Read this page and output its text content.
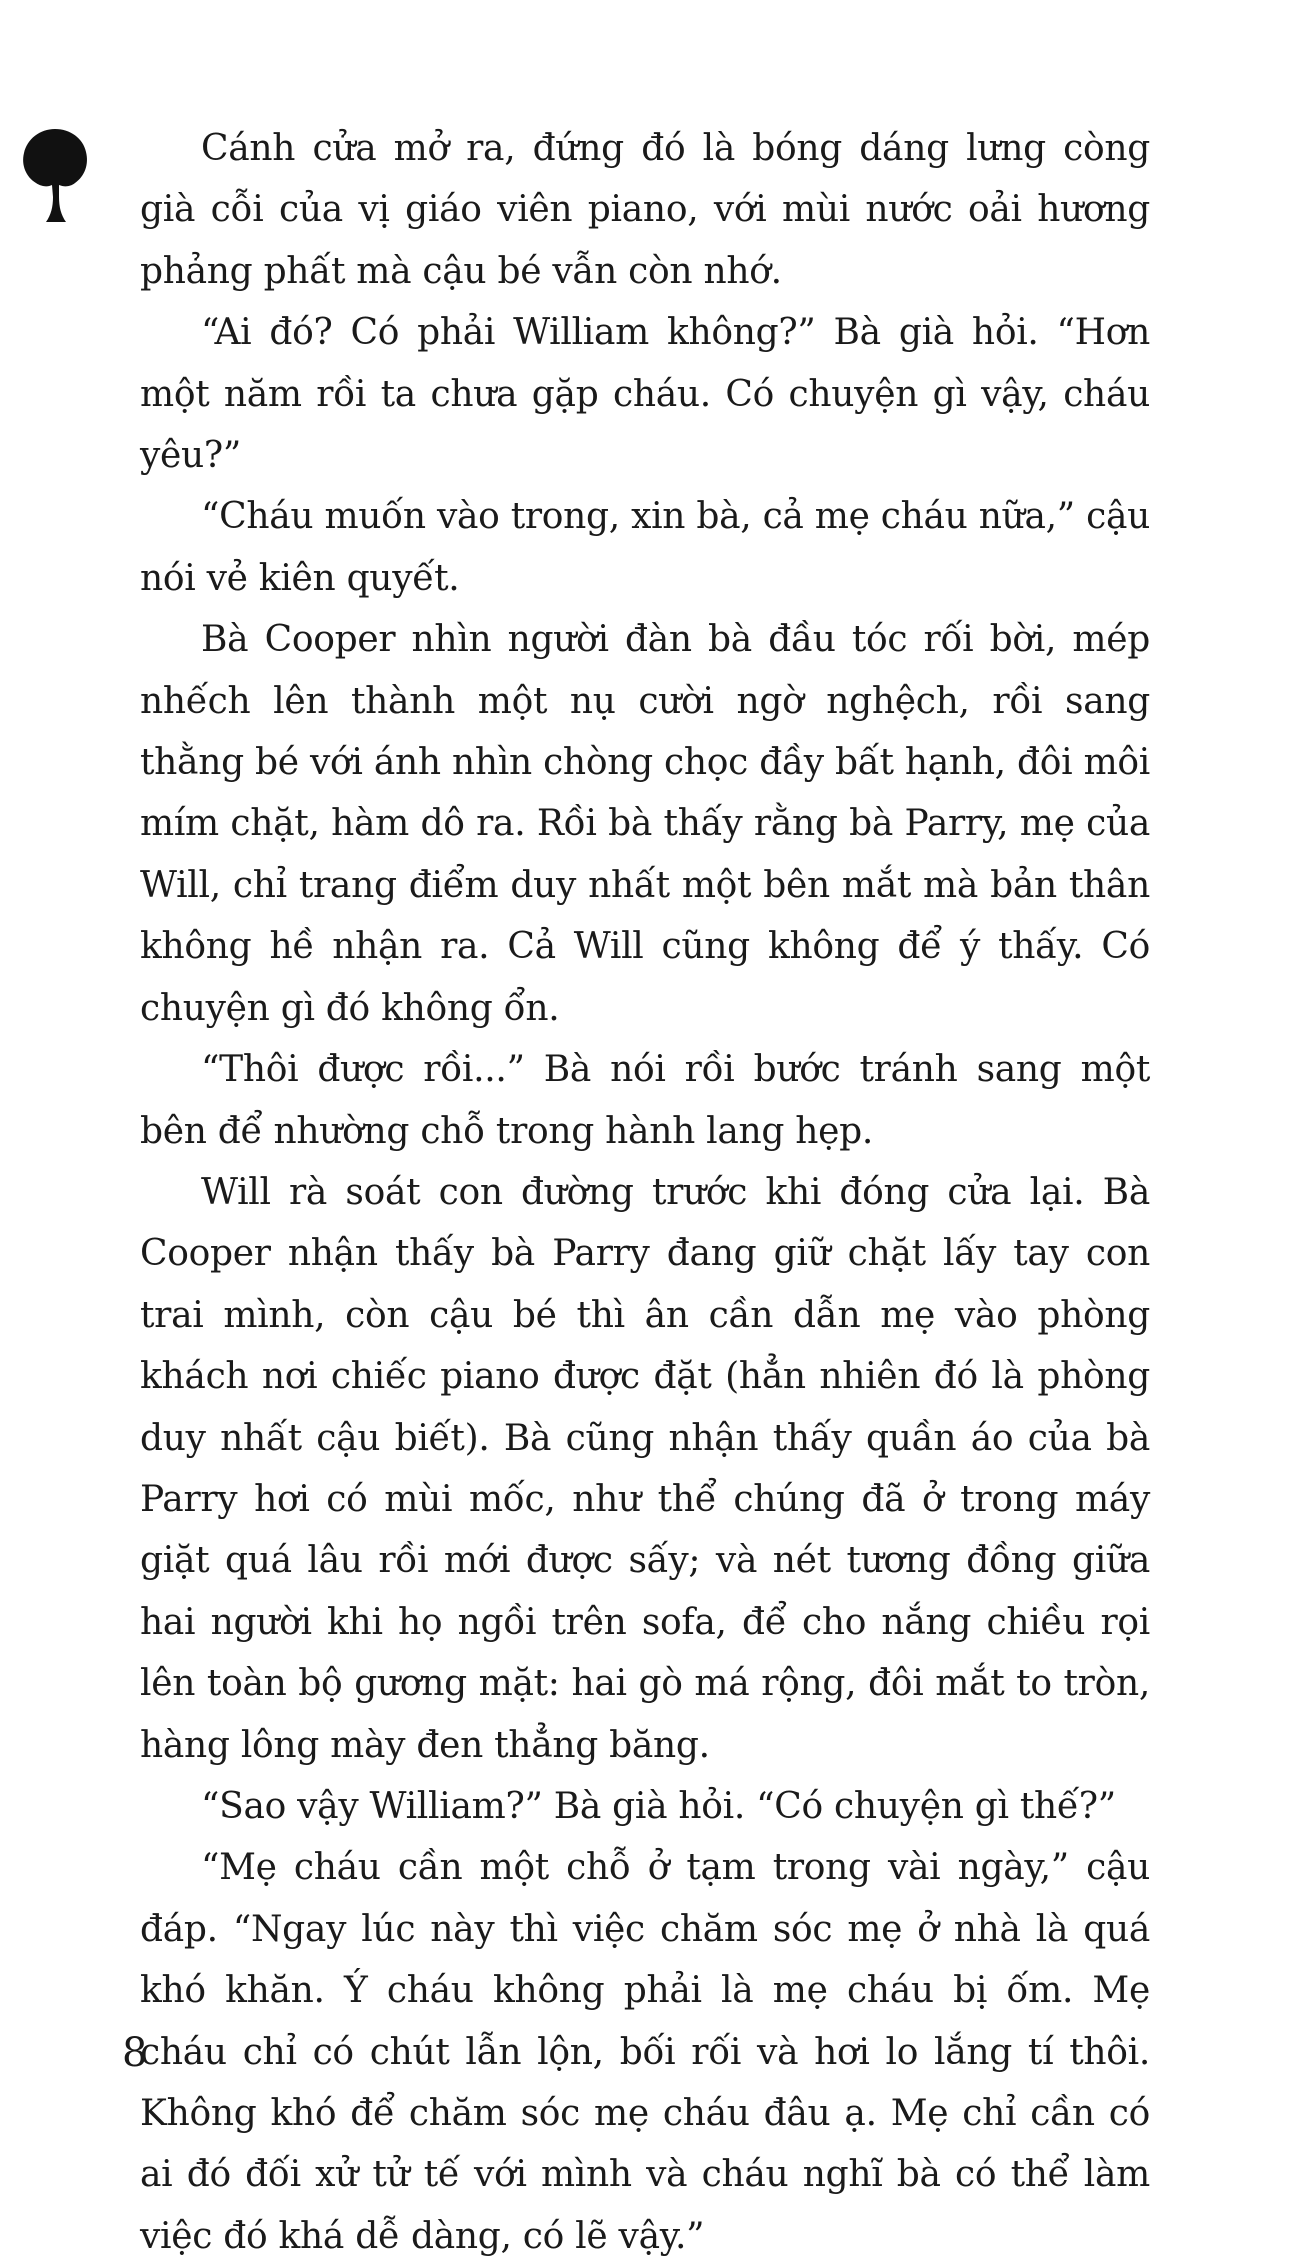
Cánh cửa mở ra, đứng đó là bóng dáng lưng còng già cỗi của vị giáo viên piano, với mùi nước oải hương phảng phất mà cậu bé vẫn còn nhớ.

“Ai đó? Có phải William không?” Bà già hỏi. “Hơn một năm rồi ta chưa gặp cháu. Có chuyện gì vậy, cháu yêu?”

“Cháu muốn vào trong, xin bà, cả mẹ cháu nữa,” cậu nói vẻ kiên quyết.

Bà Cooper nhìn người đàn bà đầu tóc rối bời, mép nhếch lên thành một nụ cười ngờ nghệch, rồi sang thằng bé với ánh nhìn chòng chọc đầy bất hạnh, đôi môi mím chặt, hàm dô ra. Rồi bà thấy rằng bà Parry, mẹ của Will, chỉ trang điểm duy nhất một bên mắt mà bản thân không hề nhận ra. Cả Will cũng không để ý thấy. Có chuyện gì đó không ổn.

“Thôi được rồi...” Bà nói rồi bước tránh sang một bên để nhường chỗ trong hành lang hẹp.

Will rà soát con đường trước khi đóng cửa lại. Bà Cooper nhận thấy bà Parry đang giữ chặt lấy tay con trai mình, còn cậu bé thì ân cần dẫn mẹ vào phòng khách nơi chiếc piano được đặt (hẳn nhiên đó là phòng duy nhất cậu biết). Bà cũng nhận thấy quần áo của bà Parry hơi có mùi mốc, như thể chúng đã ở trong máy giặt quá lâu rồi mới được sấy; và nét tương đồng giữa hai người khi họ ngồi trên sofa, để cho nắng chiều rọi lên toàn bộ gương mặt: hai gò má rộng, đôi mắt to tròn, hàng lông mày đen thẳng băng.

“Sao vậy William?” Bà già hỏi. “Có chuyện gì thế?”

“Mẹ cháu cần một chỗ ở tạm trong vài ngày,” cậu đáp. “Ngay lúc này thì việc chăm sóc mẹ ở nhà là quá khó khăn. Ý cháu không phải là mẹ cháu bị ốm. Mẹ cháu chỉ có chút lẫn lộn, bối rối và hơi lo lắng tí thôi. Không khó để chăm sóc mẹ cháu đâu ạ. Mẹ chỉ cần có ai đó đối xử tử tế với mình và cháu nghĩ bà có thể làm việc đó khá dễ dàng, có lẽ vậy.”

8
